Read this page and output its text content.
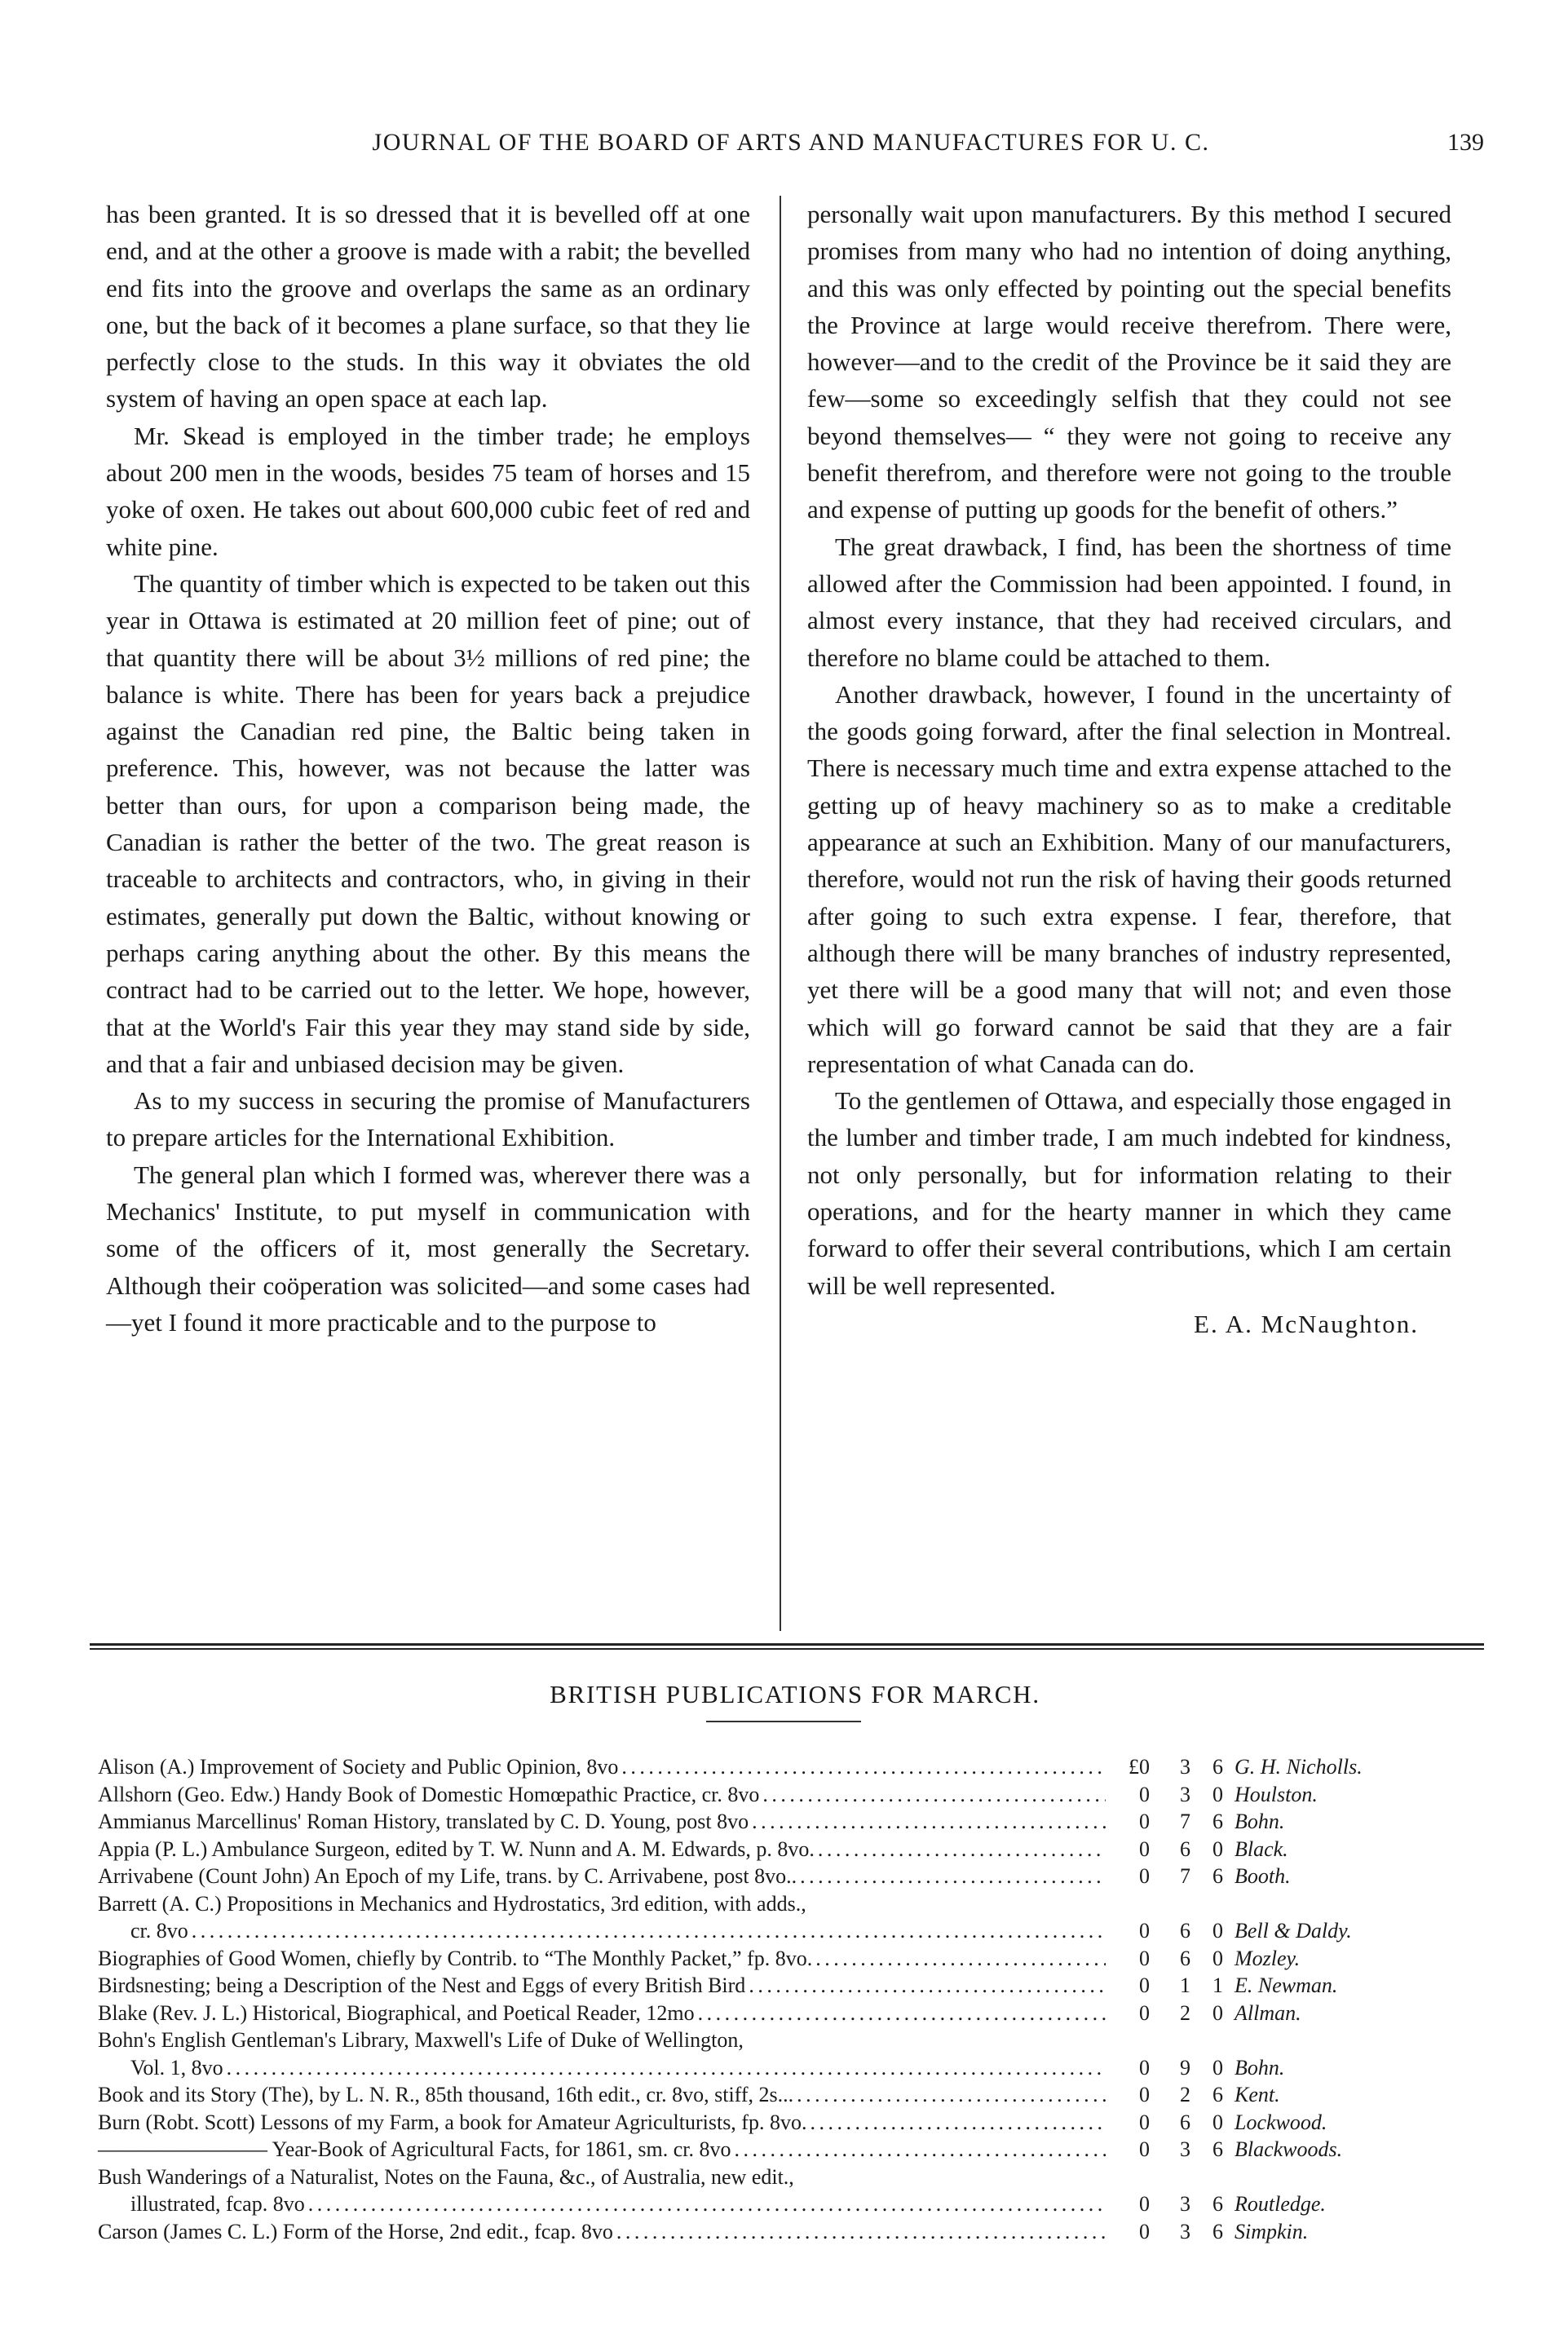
JOURNAL OF THE BOARD OF ARTS AND MANUFACTURES FOR U. C.	139

has been granted. It is so dressed that it is bevelled off at one end, and at the other a groove is made with a rabit; the bevelled end fits into the groove and overlaps the same as an ordinary one, but the back of it becomes a plane surface, so that they lie perfectly close to the studs. In this way it obviates the old system of having an open space at each lap.

Mr. Skead is employed in the timber trade; he employs about 200 men in the woods, besides 75 team of horses and 15 yoke of oxen. He takes out about 600,000 cubic feet of red and white pine.

The quantity of timber which is expected to be taken out this year in Ottawa is estimated at 20 million feet of pine; out of that quantity there will be about 3½ millions of red pine; the balance is white. There has been for years back a prejudice against the Canadian red pine, the Baltic being taken in preference. This, however, was not because the latter was better than ours, for upon a comparison being made, the Canadian is rather the better of the two. The great reason is traceable to architects and contractors, who, in giving in their estimates, generally put down the Baltic, without knowing or perhaps caring anything about the other. By this means the contract had to be carried out to the letter. We hope, however, that at the World's Fair this year they may stand side by side, and that a fair and unbiased decision may be given.

As to my success in securing the promise of Manufacturers to prepare articles for the International Exhibition.

The general plan which I formed was, wherever there was a Mechanics' Institute, to put myself in communication with some of the officers of it, most generally the Secretary. Although their coöperation was solicited—and some cases had—yet I found it more practicable and to the purpose to

personally wait upon manufacturers. By this method I secured promises from many who had no intention of doing anything, and this was only effected by pointing out the special benefits the Province at large would receive therefrom. There were, however—and to the credit of the Province be it said they are few—some so exceedingly selfish that they could not see beyond themselves— “ they were not going to receive any benefit therefrom, and therefore were not going to the trouble and expense of putting up goods for the benefit of others.”

The great drawback, I find, has been the shortness of time allowed after the Commission had been appointed. I found, in almost every instance, that they had received circulars, and therefore no blame could be attached to them.

Another drawback, however, I found in the uncertainty of the goods going forward, after the final selection in Montreal. There is necessary much time and extra expense attached to the getting up of heavy machinery so as to make a creditable appearance at such an Exhibition. Many of our manufacturers, therefore, would not run the risk of having their goods returned after going to such extra expense. I fear, therefore, that although there will be many branches of industry represented, yet there will be a good many that will not; and even those which will go forward cannot be said that they are a fair representation of what Canada can do.

To the gentlemen of Ottawa, and especially those engaged in the lumber and timber trade, I am much indebted for kindness, not only personally, but for information relating to their operations, and for the hearty manner in which they came forward to offer their several contributions, which I am certain will be well represented.

E. A. McNaughton.
BRITISH PUBLICATIONS FOR MARCH.
Alison (A.) Improvement of Society and Public Opinion, 8vo . . .	£0	3	6 G. H. Nicholls.
Allshorn (Geo. Edw.) Handy Book of Domestic Homœpathic Practice, cr. 8vo . . .	0	3	0 Houlston.
Ammianus Marcellinus' Roman History, translated by C. D. Young, post 8vo . . .	0	7	6 Bohn.
Appia (P. L.) Ambulance Surgeon, edited by T. W. Nunn and A. M. Edwards, p. 8vo. . . .	0	6	0 Black.
Arrivabene (Count John) An Epoch of my Life, trans. by C. Arrivabene, post 8vo.. . . .	0	7	6 Booth.
Barrett (A. C.) Propositions in Mechanics and Hydrostatics, 3rd edition, with adds.,
cr. 8vo . . .	0	6	0 Bell & Daldy.
Biographies of Good Women, chiefly by Contrib. to “The Monthly Packet,” fp. 8vo. . . .	0	6	0 Mozley.
Birdsnesting; being a Description of the Nest and Eggs of every British Bird . . .	0	1	1 E. Newman.
Blake (Rev. J. L.) Historical, Biographical, and Poetical Reader, 12mo . . .	0	2	0 Allman.
Bohn's English Gentleman's Library, Maxwell's Life of Duke of Wellington,
Vol. 1, 8vo . . .	0	9	0 Bohn.
Book and its Story (The), by L. N. R., 85th thousand, 16th edit., cr. 8vo, stiff, 2s... . . .	0	2	6 Kent.
Burn (Robt. Scott) Lessons of my Farm, a book for Amateur Agriculturists, fp. 8vo. . . .	0	6	0 Lockwood.
———————— Year-Book of Agricultural Facts, for 1861, sm. cr. 8vo . . .	0	3	6 Blackwoods.
Bush Wanderings of a Naturalist, Notes on the Fauna, &c., of Australia, new edit.,
illustrated, fcap. 8vo . . .	0	3	6 Routledge.
Carson (James C. L.) Form of the Horse, 2nd edit., fcap. 8vo . . .	0	3	6 Simpkin.
